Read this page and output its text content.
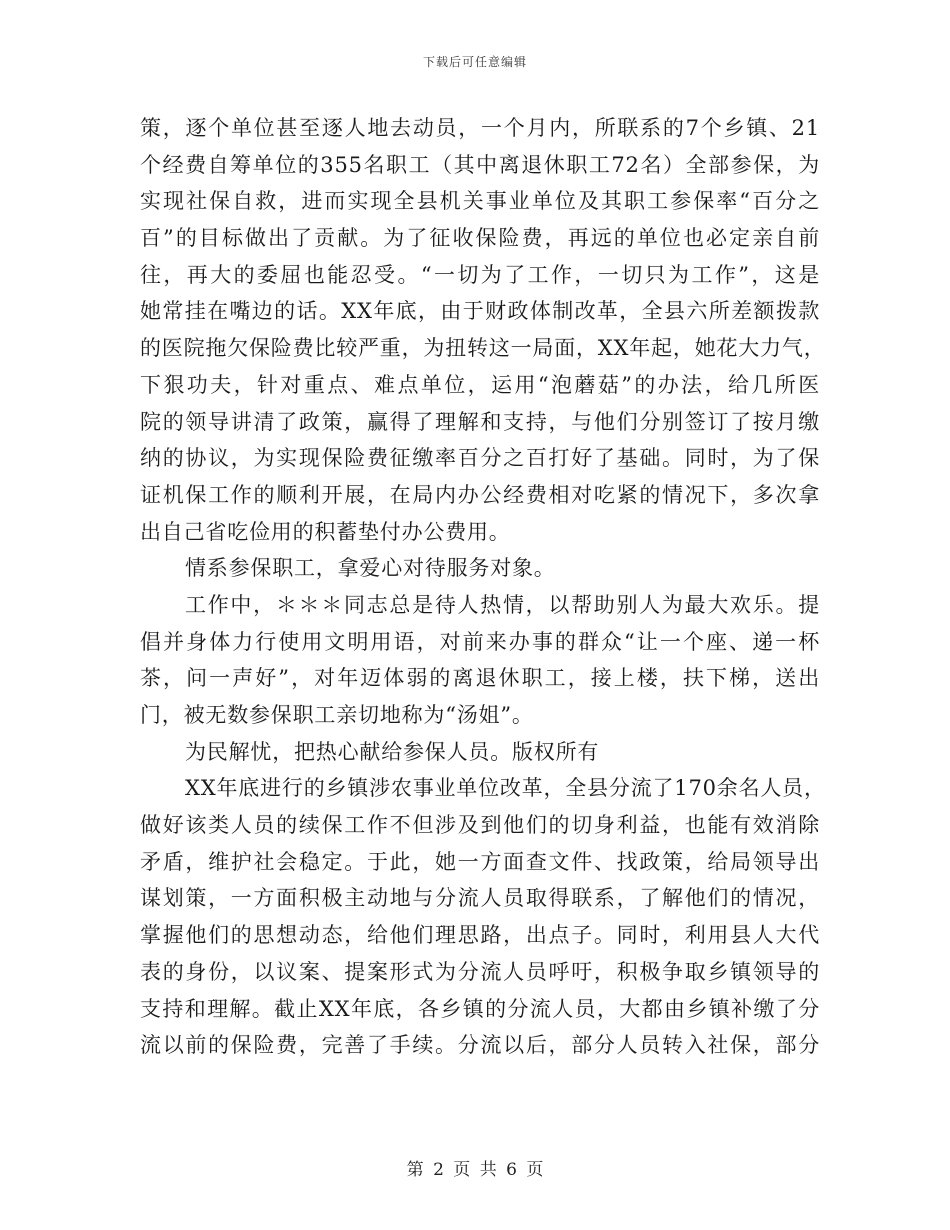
下载后可任意编辑
策，逐个单位甚至逐人地去动员，一个月内，所联系的7个乡镇、21
个经费自筹单位的355名职工（其中离退休职工72名）全部参保，为
实现社保自救，进而实现全县机关事业单位及其职工参保率“百分之
百”的目标做出了贡献。为了征收保险费，再远的单位也必定亲自前
往，再大的委屈也能忍受。“一切为了工作，一切只为工作”，这是
她常挂在嘴边的话。XX年底，由于财政体制改革，全县六所差额拨款
的医院拖欠保险费比较严重，为扭转这一局面，XX年起，她花大力气，
下狠功夫，针对重点、难点单位，运用“泡蘑菇”的办法，给几所医
院的领导讲清了政策，赢得了理解和支持，与他们分别签订了按月缴
纳的协议，为实现保险费征缴率百分之百打好了基础。同时，为了保
证机保工作的顺利开展，在局内办公经费相对吃紧的情况下，多次拿
出自己省吃俭用的积蓄垫付办公费用。
情系参保职工，拿爱心对待服务对象。
工作中，＊＊＊同志总是待人热情，以帮助别人为最大欢乐。提
倡并身体力行使用文明用语，对前来办事的群众“让一个座、递一杯
茶，问一声好”，对年迈体弱的离退休职工，接上楼，扶下梯，送出
门，被无数参保职工亲切地称为“汤姐”。
为民解忧，把热心献给参保人员。版权所有
XX年底进行的乡镇涉农事业单位改革，全县分流了170余名人员，
做好该类人员的续保工作不但涉及到他们的切身利益，也能有效消除
矛盾，维护社会稳定。于此，她一方面查文件、找政策，给局领导出
谋划策，一方面积极主动地与分流人员取得联系，了解他们的情况，
掌握他们的思想动态，给他们理思路，出点子。同时，利用县人大代
表的身份，以议案、提案形式为分流人员呼吁，积极争取乡镇领导的
支持和理解。截止XX年底，各乡镇的分流人员，大都由乡镇补缴了分
流以前的保险费，完善了手续。分流以后，部分人员转入社保，部分
第 2 页 共 6 页
